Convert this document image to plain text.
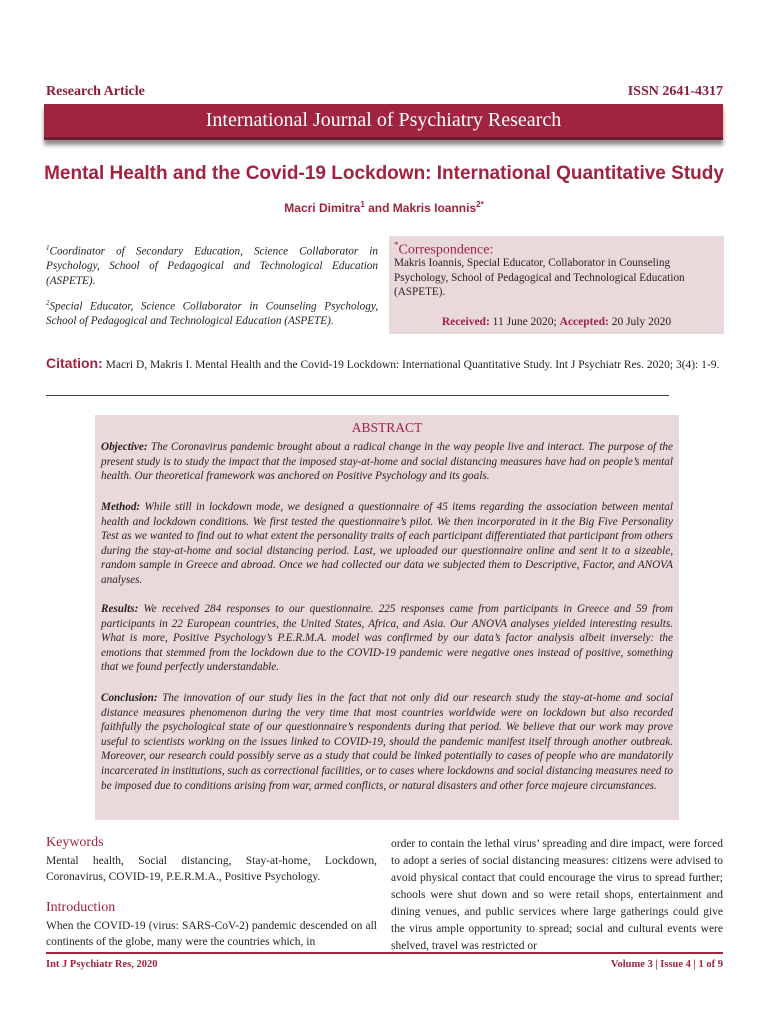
Research Article	ISSN 2641-4317
International Journal of Psychiatry Research
Mental Health and the Covid-19 Lockdown: International Quantitative Study
Macri Dimitra$^1$ and Makris Ioannis$^{2*}$

$^1$Coordinator of Secondary Education, Science Collaborator in Psychology, School of Pedagogical and Technological Education (ASPETE).

$^2$Special Educator, Science Collaborator in Counseling Psychology, School of Pedagogical and Technological Education (ASPETE).

*Correspondence:
Makris Ioannis, Special Educator, Collaborator in Counseling Psychology, School of Pedagogical and Technological Education (ASPETE).
Received: 11 June 2020; Accepted: 20 July 2020
Citation: Macri D, Makris I. Mental Health and the Covid-19 Lockdown: International Quantitative Study. Int J Psychiatr Res. 2020; 3(4): 1-9.
ABSTRACT
Objective: The Coronavirus pandemic brought about a radical change in the way people live and interact. The purpose of the present study is to study the impact that the imposed stay-at-home and social distancing measures have had on people’s mental health. Our theoretical framework was anchored on Positive Psychology and its goals.
Method: While still in lockdown mode, we designed a questionnaire of 45 items regarding the association between mental health and lockdown conditions. We first tested the questionnaire’s pilot. We then incorporated in it the Big Five Personality Test as we wanted to find out to what extent the personality traits of each participant differentiated that participant from others during the stay-at-home and social distancing period. Last, we uploaded our questionnaire online and sent it to a sizeable, random sample in Greece and abroad. Once we had collected our data we subjected them to Descriptive, Factor, and ANOVA analyses.
Results: We received 284 responses to our questionnaire. 225 responses came from participants in Greece and 59 from participants in 22 European countries, the United States, Africa, and Asia. Our ANOVA analyses yielded interesting results. What is more, Positive Psychology’s P.E.R.M.A. model was confirmed by our data’s factor analysis albeit inversely: the emotions that stemmed from the lockdown due to the COVID-19 pandemic were negative ones instead of positive, something that we found perfectly understandable.
Conclusion: The innovation of our study lies in the fact that not only did our research study the stay-at-home and social distance measures phenomenon during the very time that most countries worldwide were on lockdown but also recorded faithfully the psychological state of our questionnaire’s respondents during that period. We believe that our work may prove useful to scientists working on the issues linked to COVID-19, should the pandemic manifest itself through another outbreak. Moreover, our research could possibly serve as a study that could be linked potentially to cases of people who are mandatorily incarcerated in institutions, such as correctional facilities, or to cases where lockdowns and social distancing measures need to be imposed due to conditions arising from war, armed conflicts, or natural disasters and other force majeure circumstances.
Keywords
Mental health, Social distancing, Stay-at-home, Lockdown, Coronavirus, COVID-19, P.E.R.M.A., Positive Psychology.
Introduction
When the COVID-19 (virus: SARS-CoV-2) pandemic descended on all continents of the globe, many were the countries which, in
order to contain the lethal virus’ spreading and dire impact, were forced to adopt a series of social distancing measures: citizens were advised to avoid physical contact that could encourage the virus to spread further; schools were shut down and so were retail shops, entertainment and dining venues, and public services where large gatherings could give the virus ample opportunity to spread; social and cultural events were shelved, travel was restricted or
Int J Psychiatr Res, 2020	Volume 3 | Issue 4 | 1 of 9
